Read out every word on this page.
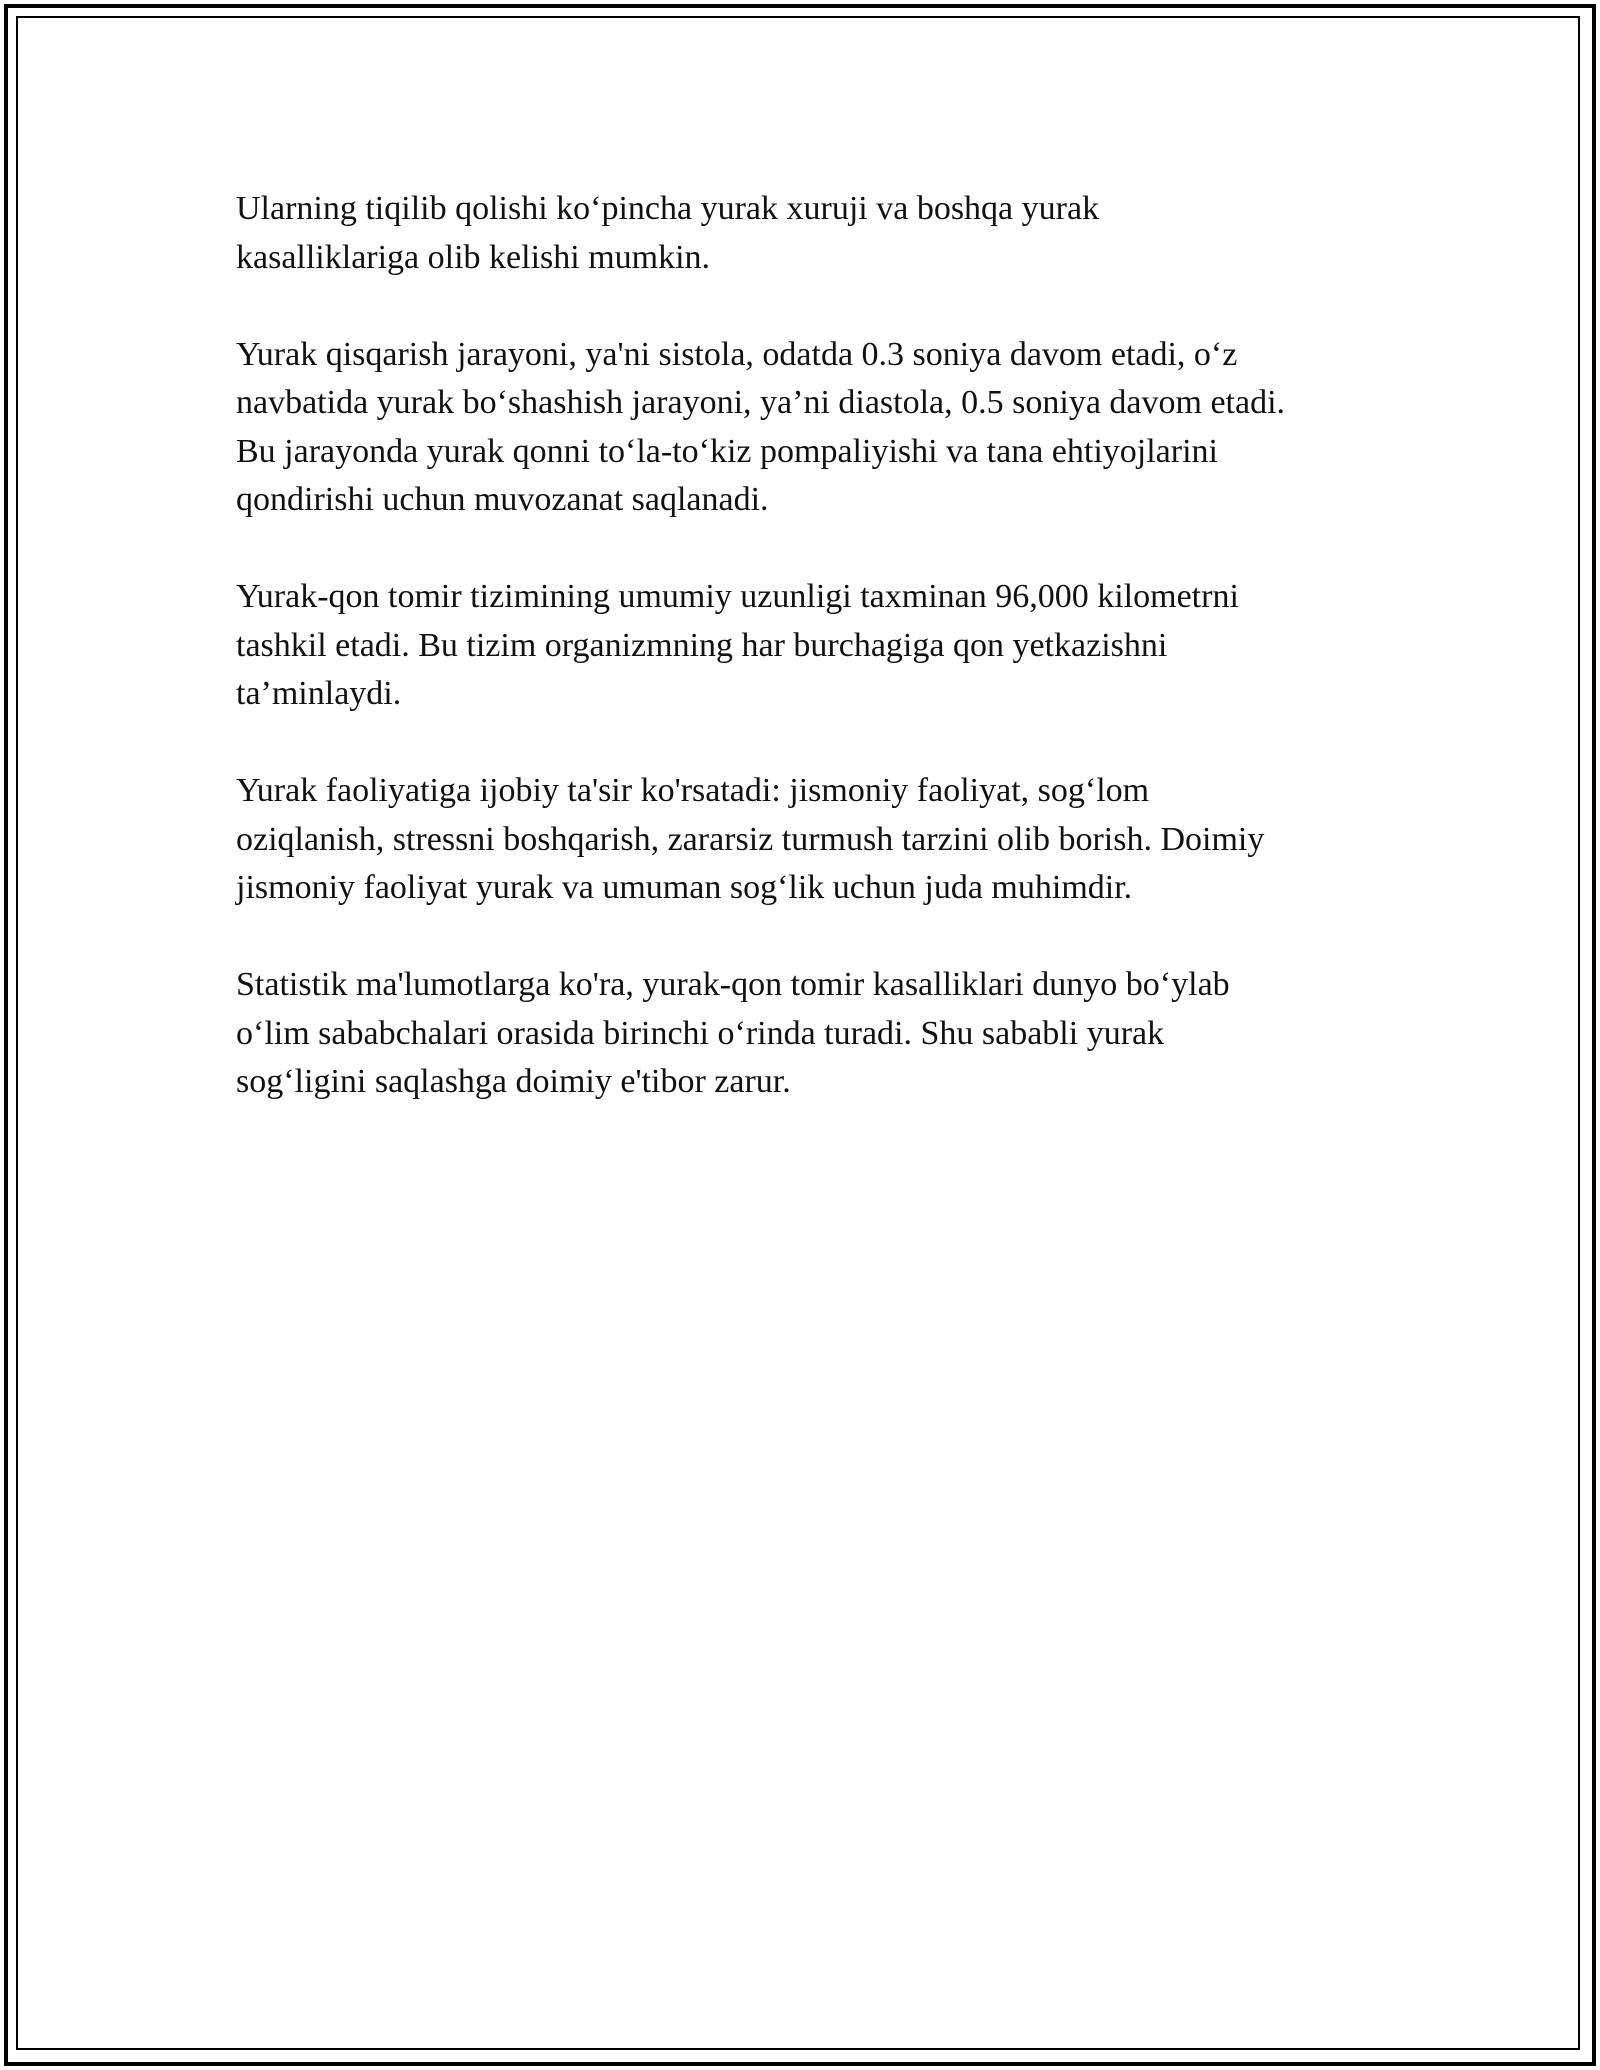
Ularning tiqilib qolishi ko‘pincha yurak xuruji va boshqa yurak
kasalliklariga olib kelishi mumkin.

Yurak qisqarish jarayoni, ya'ni sistola, odatda 0.3 soniya davom etadi, o‘z
navbatida yurak bo‘shashish jarayoni, ya’ni diastola, 0.5 soniya davom etadi.
Bu jarayonda yurak qonni to‘la-to‘kiz pompaliyishi va tana ehtiyojlarini
qondirishi uchun muvozanat saqlanadi.

Yurak-qon tomir tizimining umumiy uzunligi taxminan 96,000 kilometrni
tashkil etadi. Bu tizim organizmning har burchagiga qon yetkazishni
ta’minlaydi.

Yurak faoliyatiga ijobiy ta'sir ko'rsatadi: jismoniy faoliyat, sog‘lom
oziqlanish, stressni boshqarish, zararsiz turmush tarzini olib borish. Doimiy
jismoniy faoliyat yurak va umuman sog‘lik uchun juda muhimdir.

Statistik ma'lumotlarga ko'ra, yurak-qon tomir kasalliklari dunyo bo‘ylab
o‘lim sababchalari orasida birinchi o‘rinda turadi. Shu sababli yurak
sog‘ligini saqlashga doimiy e'tibor zarur.
